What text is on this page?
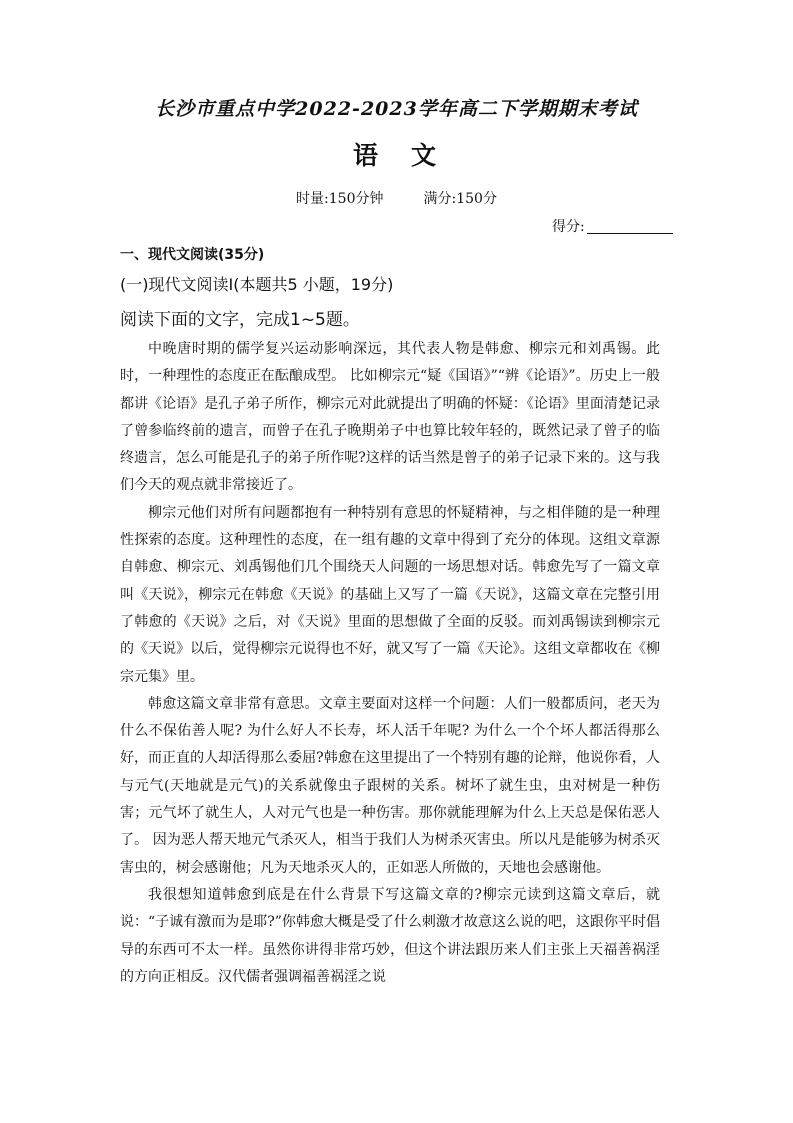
长沙市重点中学2022-2023学年高二下学期期末考试
语　文
时量:150分钟	满分:150分
得分:
一、现代文阅读(35分)
(一)现代文阅读Ⅰ(本题共5 小题，19分)
阅读下面的文字，完成1~5题。

中晚唐时期的儒学复兴运动影响深远，其代表人物是韩愈、柳宗元和刘禹锡。此时，一种理性的态度正在酝酿成型。 比如柳宗元“疑《国语》”“辨《论语》”。历史上一般都讲《论语》是孔子弟子所作，柳宗元对此就提出了明确的怀疑：《论语》里面清楚记录了曾参临终前的遗言，而曾子在孔子晚期弟子中也算比较年轻的，既然记录了曾子的临终遗言，怎么可能是孔子的弟子所作呢?这样的话当然是曾子的弟子记录下来的。这与我们今天的观点就非常接近了。

柳宗元他们对所有问题都抱有一种特别有意思的怀疑精神，与之相伴随的是一种理性探索的态度。这种理性的态度，在一组有趣的文章中得到了充分的体现。这组文章源自韩愈、柳宗元、刘禹锡他们几个围绕天人问题的一场思想对话。韩愈先写了一篇文章叫《天说》，柳宗元在韩愈《天说》的基础上又写了一篇《天说》，这篇文章在完整引用了韩愈的《天说》之后，对《天说》里面的思想做了全面的反驳。而刘禹锡读到柳宗元的《天说》以后，觉得柳宗元说得也不好，就又写了一篇《天论》。这组文章都收在《柳宗元集》里。

韩愈这篇文章非常有意思。文章主要面对这样一个问题：人们一般都质问，老天为什么不保佑善人呢? 为什么好人不长寿，坏人活千年呢? 为什么一个个坏人都活得那么好，而正直的人却活得那么委屈?韩愈在这里提出了一个特别有趣的论辩，他说你看，人与元气(天地就是元气)的关系就像虫子跟树的关系。树坏了就生虫，虫对树是一种伤害；元气坏了就生人，人对元气也是一种伤害。那你就能理解为什么上天总是保佑恶人了。 因为恶人帮天地元气杀灭人，相当于我们人为树杀灭害虫。所以凡是能够为树杀灭害虫的，树会感谢他；凡为天地杀灭人的，正如恶人所做的，天地也会感谢他。

我很想知道韩愈到底是在什么背景下写这篇文章的?柳宗元读到这篇文章后，就说：“子诚有激而为是耶?”你韩愈大概是受了什么刺激才故意这么说的吧，这跟你平时倡导的东西可不太一样。虽然你讲得非常巧妙，但这个讲法跟历来人们主张上天福善祸淫的方向正相反。汉代儒者强调福善祸淫之说
